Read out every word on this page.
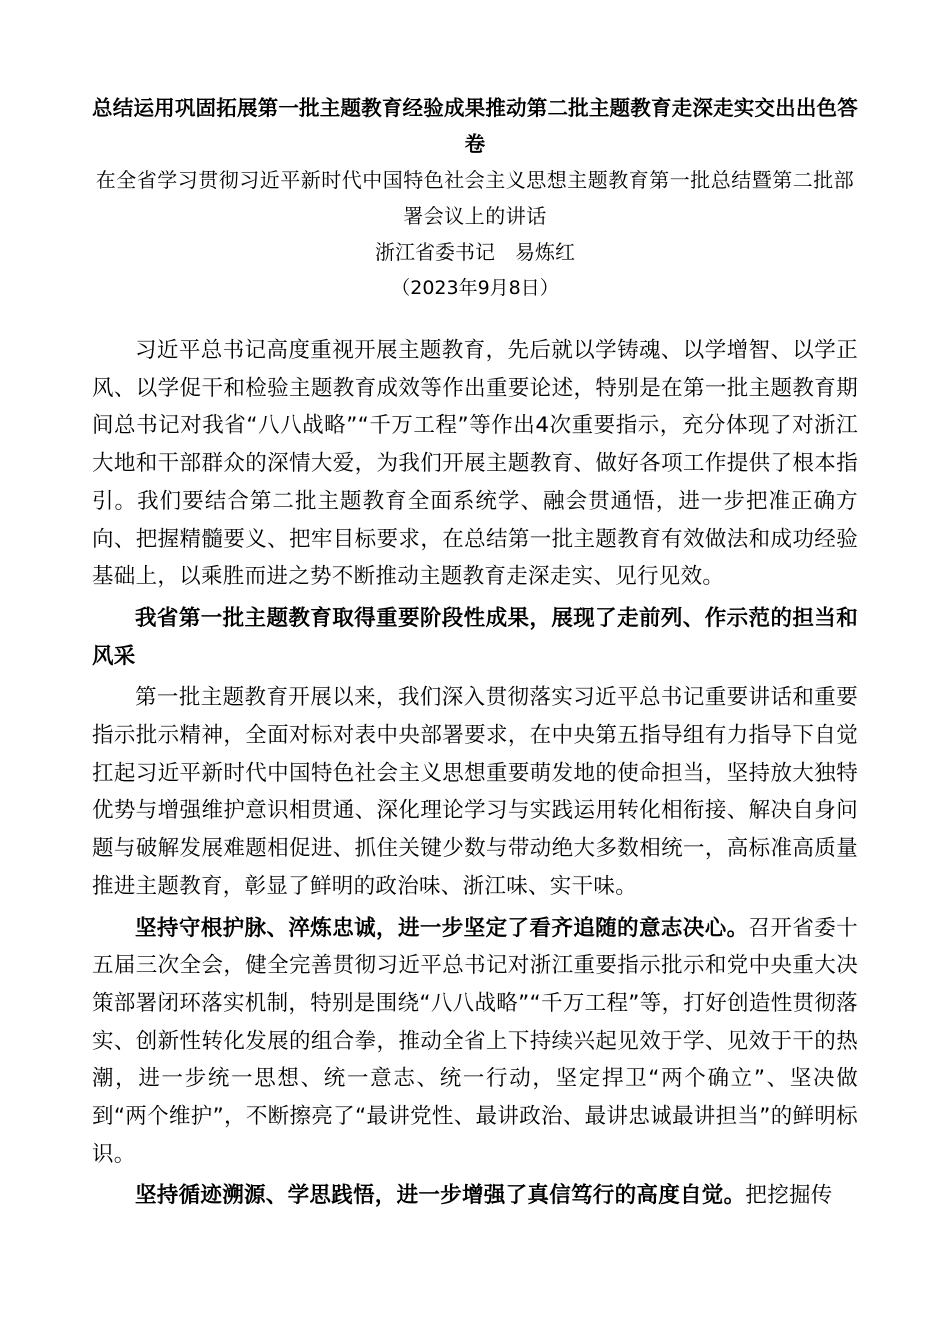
总结运用巩固拓展第一批主题教育经验成果推动第二批主题教育走深走实交出出色答卷

在全省学习贯彻习近平新时代中国特色社会主义思想主题教育第一批总结暨第二批部署会议上的讲话

浙江省委书记　易炼红

（2023年9月8日）

习近平总书记高度重视开展主题教育，先后就以学铸魂、以学增智、以学正风、以学促干和检验主题教育成效等作出重要论述，特别是在第一批主题教育期间总书记对我省“八八战略”“千万工程”等作出4次重要指示，充分体现了对浙江大地和干部群众的深情大爱，为我们开展主题教育、做好各项工作提供了根本指引。我们要结合第二批主题教育全面系统学、融会贯通悟，进一步把准正确方向、把握精髓要义、把牢目标要求，在总结第一批主题教育有效做法和成功经验基础上，以乘胜而进之势不断推动主题教育走深走实、见行见效。

我省第一批主题教育取得重要阶段性成果，展现了走前列、作示范的担当和风采

第一批主题教育开展以来，我们深入贯彻落实习近平总书记重要讲话和重要指示批示精神，全面对标对表中央部署要求，在中央第五指导组有力指导下自觉扛起习近平新时代中国特色社会主义思想重要萌发地的使命担当，坚持放大独特优势与增强维护意识相贯通、深化理论学习与实践运用转化相衔接、解决自身问题与破解发展难题相促进、抓住关键少数与带动绝大多数相统一，高标准高质量推进主题教育，彰显了鲜明的政治味、浙江味、实干味。

坚持守根护脉、淬炼忠诚，进一步坚定了看齐追随的意志决心。召开省委十五届三次全会，健全完善贯彻习近平总书记对浙江重要指示批示和党中央重大决策部署闭环落实机制，特别是围绕“八八战略”“千万工程”等，打好创造性贯彻落实、创新性转化发展的组合拳，推动全省上下持续兴起见效于学、见效于干的热潮，进一步统一思想、统一意志、统一行动，坚定捍卫“两个确立”、坚决做到“两个维护”，不断擦亮了“最讲党性、最讲政治、最讲忠诚最讲担当”的鲜明标识。

坚持循迹溯源、学思践悟，进一步增强了真信笃行的高度自觉。把挖掘传
